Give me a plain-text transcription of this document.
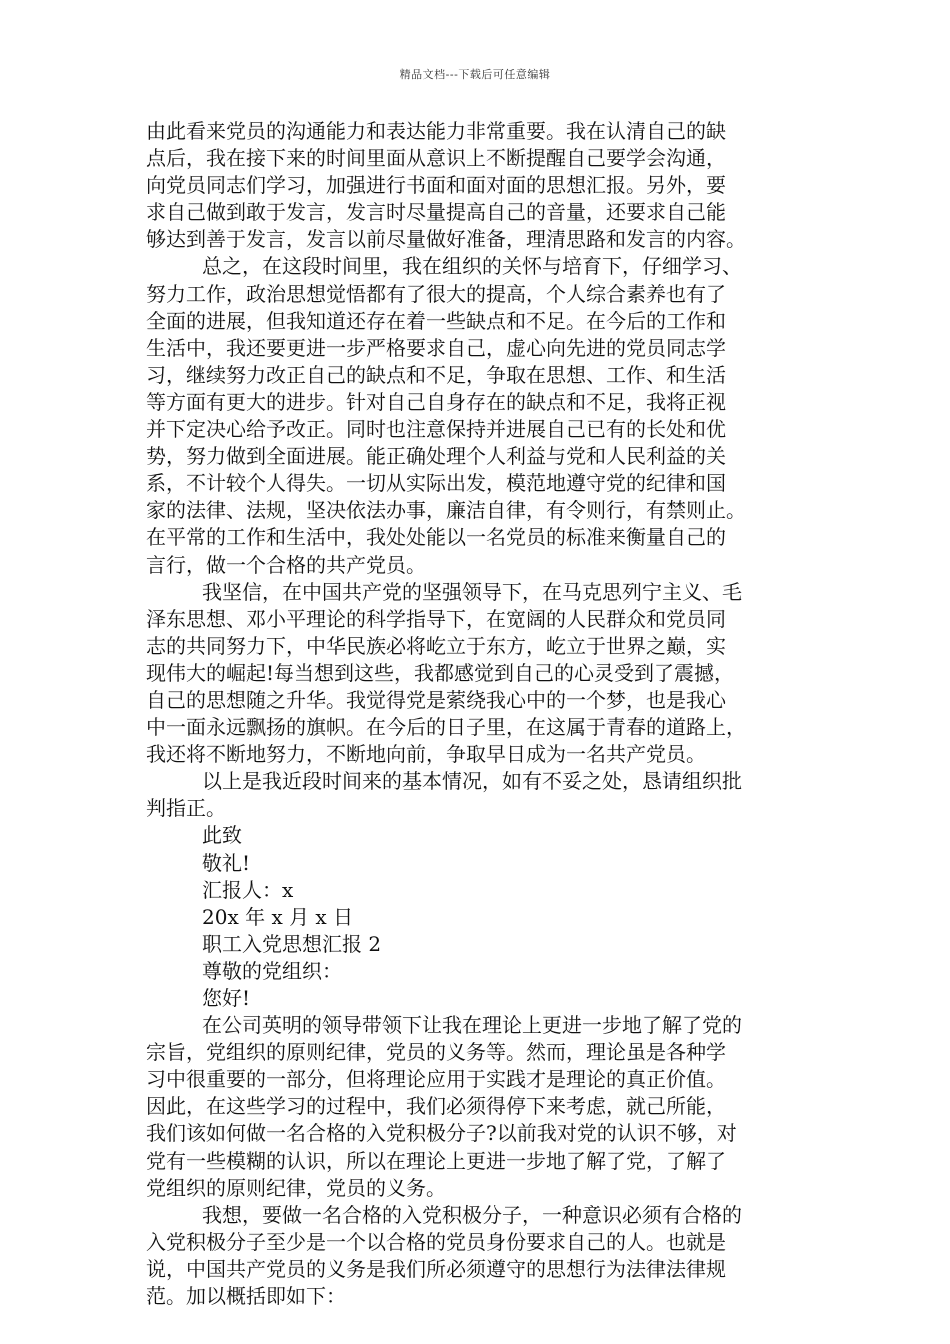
精品文档---下载后可任意编辑
由此看来党员的沟通能力和表达能力非常重要。我在认清自己的缺
点后，我在接下来的时间里面从意识上不断提醒自己要学会沟通，
向党员同志们学习，加强进行书面和面对面的思想汇报。另外，要
求自己做到敢于发言，发言时尽量提高自己的音量，还要求自己能
够达到善于发言，发言以前尽量做好准备，理清思路和发言的内容。
总之，在这段时间里，我在组织的关怀与培育下，仔细学习、
努力工作，政治思想觉悟都有了很大的提高，个人综合素养也有了
全面的进展，但我知道还存在着一些缺点和不足。在今后的工作和
生活中，我还要更进一步严格要求自己，虚心向先进的党员同志学
习，继续努力改正自己的缺点和不足，争取在思想、工作、和生活
等方面有更大的进步。针对自己自身存在的缺点和不足，我将正视
并下定决心给予改正。同时也注意保持并进展自己已有的长处和优
势，努力做到全面进展。能正确处理个人利益与党和人民利益的关
系，不计较个人得失。一切从实际出发，模范地遵守党的纪律和国
家的法律、法规，坚决依法办事，廉洁自律，有令则行，有禁则止。
在平常的工作和生活中，我处处能以一名党员的标准来衡量自己的
言行，做一个合格的共产党员。
我坚信，在中国共产党的坚强领导下，在马克思列宁主义、毛
泽东思想、邓小平理论的科学指导下，在宽阔的人民群众和党员同
志的共同努力下，中华民族必将屹立于东方，屹立于世界之巅，实
现伟大的崛起!每当想到这些，我都感觉到自己的心灵受到了震撼，
自己的思想随之升华。我觉得党是萦绕我心中的一个梦，也是我心
中一面永远飘扬的旗帜。在今后的日子里，在这属于青春的道路上，
我还将不断地努力，不断地向前，争取早日成为一名共产党员。
以上是我近段时间来的基本情况，如有不妥之处，恳请组织批
判指正。
此致
敬礼!
汇报人：x
20x 年 x 月 x 日
职工入党思想汇报 2
尊敬的党组织：
您好!
在公司英明的领导带领下让我在理论上更进一步地了解了党的
宗旨，党组织的原则纪律，党员的义务等。然而，理论虽是各种学
习中很重要的一部分，但将理论应用于实践才是理论的真正价值。
因此，在这些学习的过程中，我们必须得停下来考虑，就己所能，
我们该如何做一名合格的入党积极分子?以前我对党的认识不够，对
党有一些模糊的认识，所以在理论上更进一步地了解了党，了解了
党组织的原则纪律，党员的义务。
我想，要做一名合格的入党积极分子，一种意识必须有合格的
入党积极分子至少是一个以合格的党员身份要求自己的人。也就是
说，中国共产党员的义务是我们所必须遵守的思想行为法律法律规
范。加以概括即如下：
